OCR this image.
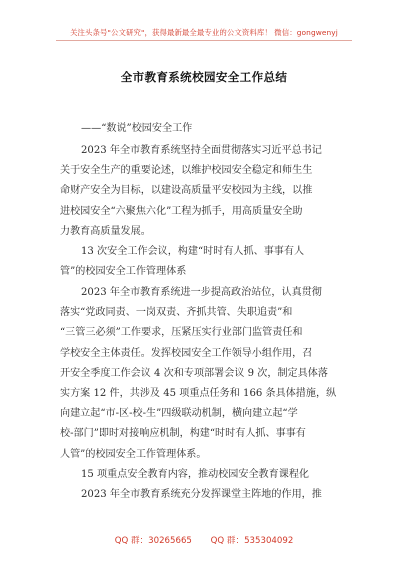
关注头条号"公文研究"，获得最新最全最专业的公文资料库！ 微信：gongwenyj
全市教育系统校园安全工作总结
——“数说”校园安全工作
2023 年全市教育系统坚持全面贯彻落实习近平总书记
关于安全生产的重要论述，以维护校园安全稳定和师生生
命财产安全为目标，以建设高质量平安校园为主线，以推
进校园安全“六聚焦六化”工程为抓手，用高质量安全助
力教育高质量发展。
13 次安全工作会议，构建“时时有人抓、事事有人
管”的校园安全工作管理体系
2023 年全市教育系统进一步提高政治站位，认真贯彻
落实“党政同责、一岗双责、齐抓共管、失职追责”和
“三管三必须”工作要求，压紧压实行业部门监管责任和
学校安全主体责任。发挥校园安全工作领导小组作用，召
开安全季度工作会议 4 次和专项部署会议 9 次，制定具体落
实方案 12 件，共涉及 45 项重点任务和 166 条具体措施，纵
向建立起“市-区-校-生”四级联动机制，横向建立起“学
校-部门”即时对接响应机制，构建“时时有人抓、事事有
人管”的校园安全工作管理体系。
15 项重点安全教育内容，推动校园安全教育课程化
2023 年全市教育系统充分发挥课堂主阵地的作用，推
QQ 群：30265665 QQ 群：535304092
